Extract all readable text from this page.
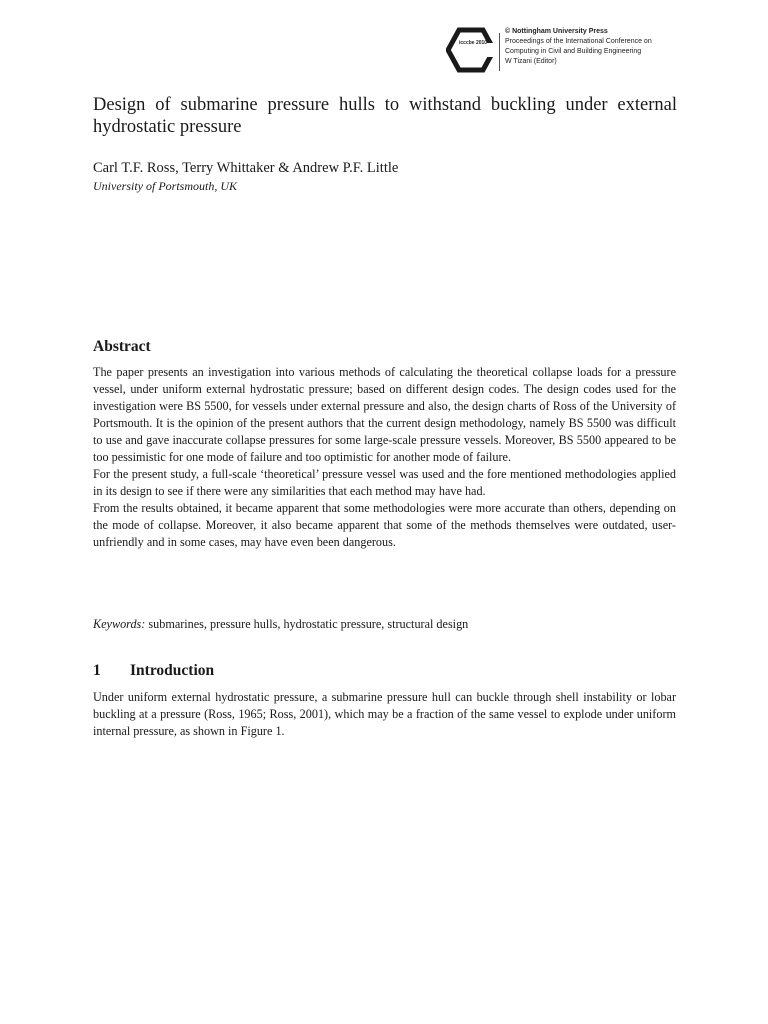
icccbe 2010
© Nottingham University Press
Proceedings of the International Conference on
Computing in Civil and Building Engineering
W Tizani (Editor)
Design of submarine pressure hulls to withstand buckling under external hydrostatic pressure

Carl T.F. Ross, Terry Whittaker & Andrew P.F. Little

University of Portsmouth, UK

Abstract

The paper presents an investigation into various methods of calculating the theoretical collapse loads for a pressure vessel, under uniform external hydrostatic pressure; based on different design codes. The design codes used for the investigation were BS 5500, for vessels under external pressure and also, the design charts of Ross of the University of Portsmouth. It is the opinion of the present authors that the current design methodology, namely BS 5500 was difficult to use and gave inaccurate collapse pressures for some large-scale pressure vessels. Moreover, BS 5500 appeared to be too pessimistic for one mode of failure and too optimistic for another mode of failure.

For the present study, a full-scale ‘theoretical’ pressure vessel was used and the fore mentioned methodologies applied in its design to see if there were any similarities that each method may have had.

From the results obtained, it became apparent that some methodologies were more accurate than others, depending on the mode of collapse. Moreover, it also became apparent that some of the methods themselves were outdated, user-unfriendly and in some cases, may have even been dangerous.

Keywords: submarines, pressure hulls, hydrostatic pressure, structural design

1 Introduction

Under uniform external hydrostatic pressure, a submarine pressure hull can buckle through shell instability or lobar buckling at a pressure (Ross, 1965; Ross, 2001), which may be a fraction of the same vessel to explode under uniform internal pressure, as shown in Figure 1.
